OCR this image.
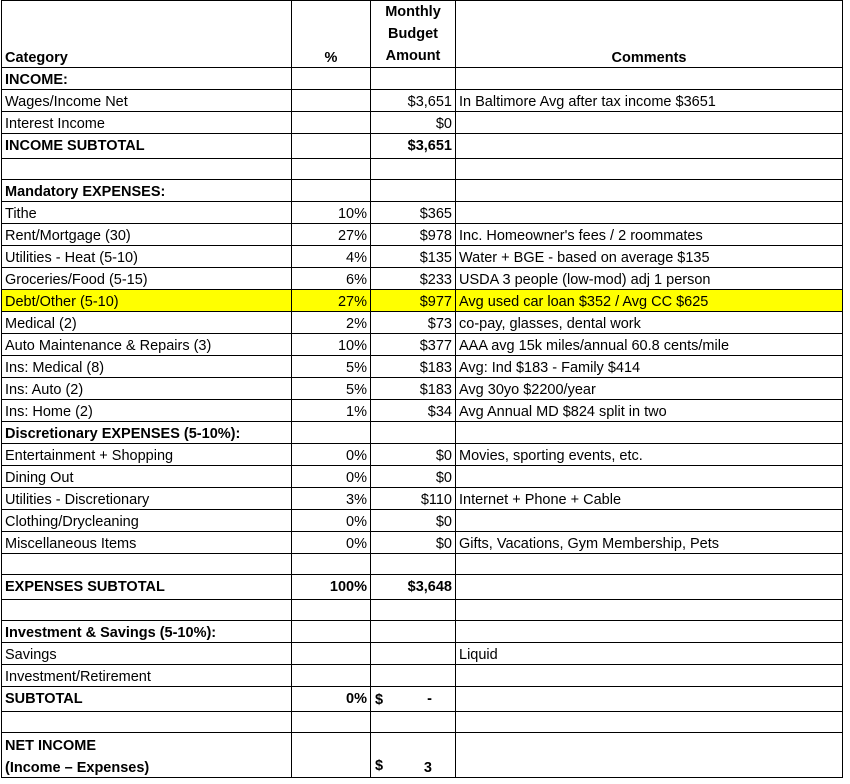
Category	%	Monthly
Budget
Amount	Comments
INCOME:			
Wages/Income Net		$3,651	In Baltimore Avg after tax income $3651
Interest Income		$0	
INCOME SUBTOTAL		$3,651	

Mandatory EXPENSES:			
Tithe	10%	$365	
Rent/Mortgage (30)	27%	$978	Inc. Homeowner's fees / 2 roommates
Utilities - Heat (5-10)	4%	$135	Water + BGE - based on average $135
Groceries/Food (5-15)	6%	$233	USDA 3 people (low-mod) adj 1 person
Debt/Other (5-10)	27%	$977	Avg used car loan $352 / Avg CC $625
Medical (2)	2%	$73	co-pay, glasses, dental work
Auto Maintenance & Repairs (3)	10%	$377	AAA avg 15k miles/annual 60.8 cents/mile
Ins: Medical (8)	5%	$183	Avg: Ind $183 - Family $414
Ins: Auto (2)	5%	$183	Avg 30yo $2200/year
Ins: Home (2)	1%	$34	Avg Annual MD $824 split in two
Discretionary EXPENSES (5-10%):			
Entertainment + Shopping	0%	$0	Movies, sporting events, etc.
Dining Out	0%	$0	
Utilities - Discretionary	3%	$110	Internet + Phone + Cable
Clothing/Drycleaning	0%	$0	
Miscellaneous Items	0%	$0	Gifts, Vacations, Gym Membership, Pets

EXPENSES SUBTOTAL	100%	$3,648	

Investment & Savings (5-10%):			
Savings			Liquid
Investment/Retirement			
SUBTOTAL	0%	$ -	

NET INCOME			
(Income – Expenses)		$ 3	
